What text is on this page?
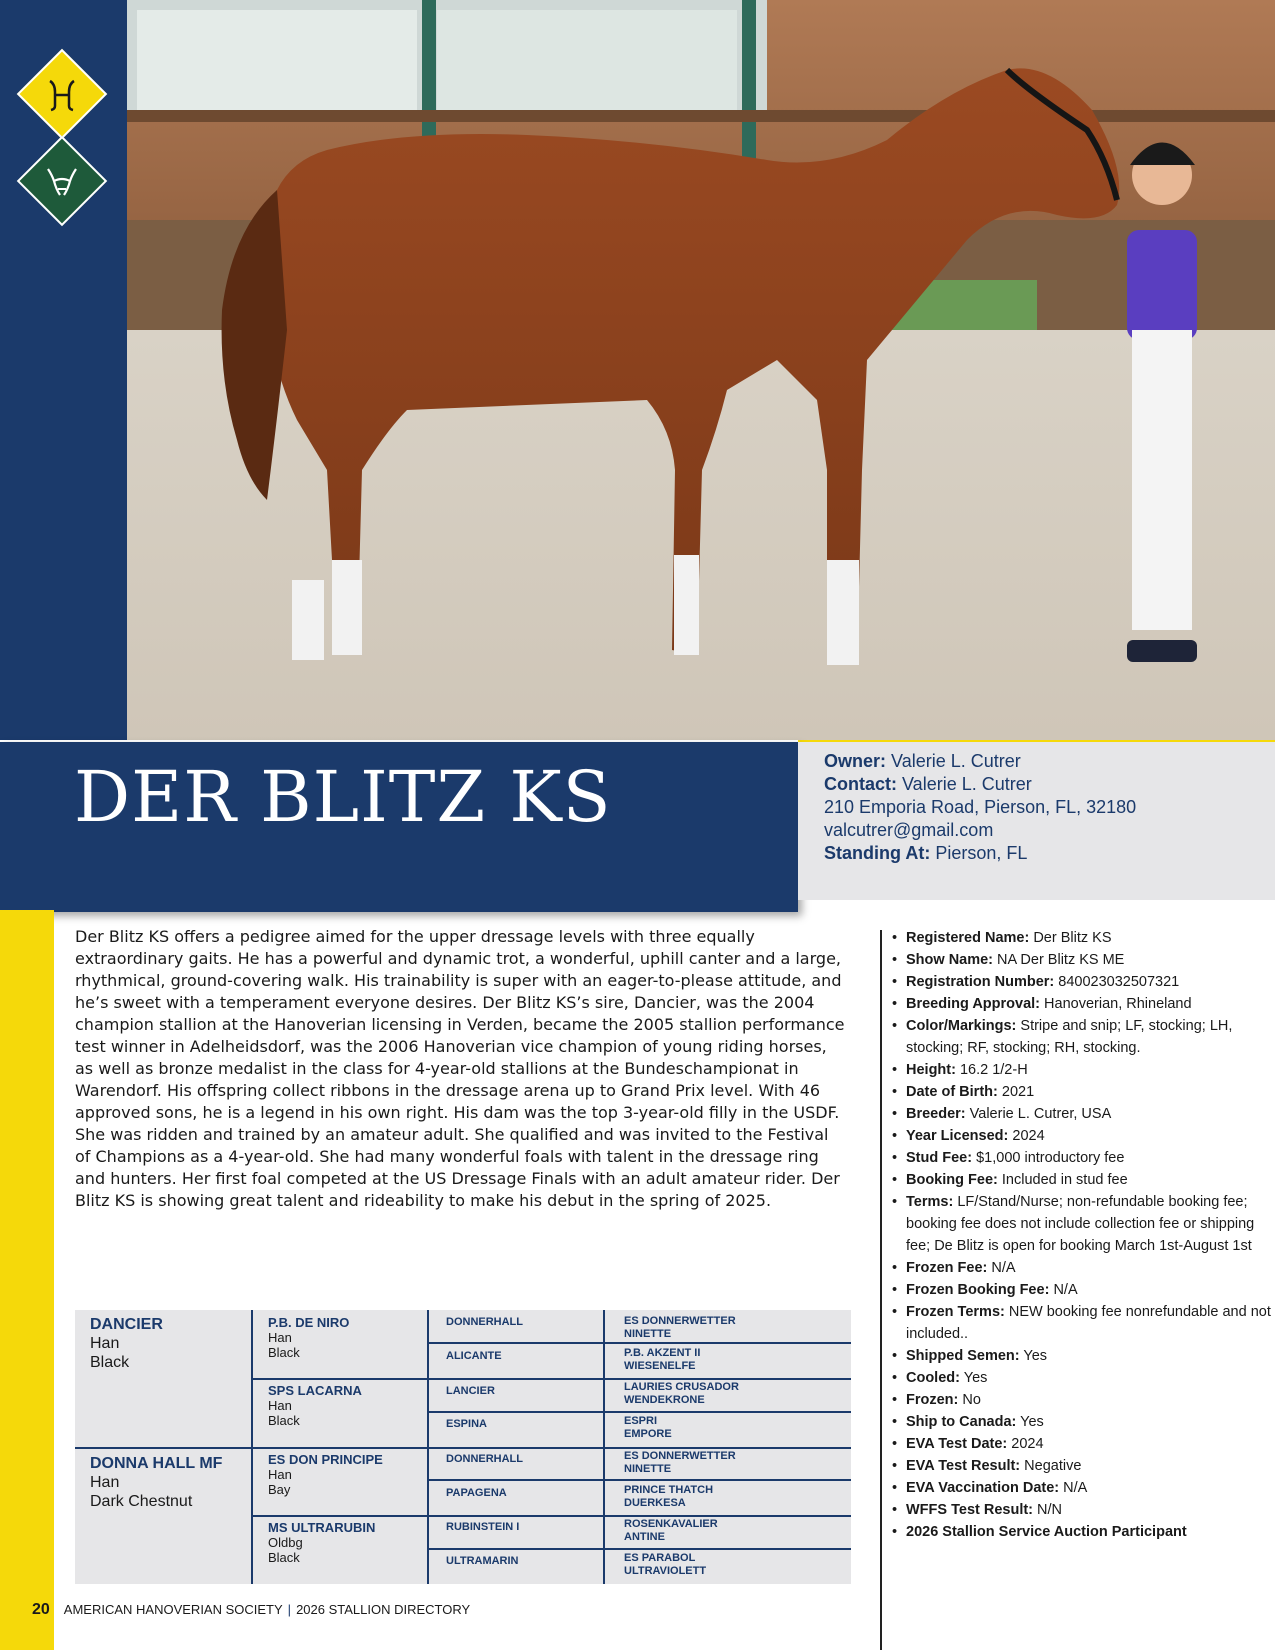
DER BLITZ KS	Owner: Valerie L. Cutrer
Contact: Valerie L. Cutrer
210 Emporia Road, Pierson, FL, 32180
valcutrer@gmail.com
Standing At: Pierson, FL

Der Blitz KS offers a pedigree aimed for the upper dressage levels with three equally extraordinary gaits. He has a powerful and dynamic trot, a wonderful, uphill canter and a large, rhythmical, ground-covering walk. His trainability is super with an eager-to-please attitude, and he’s sweet with a temperament everyone desires. Der Blitz KS’s sire, Dancier, was the 2004 champion stallion at the Hanoverian licensing in Verden, became the 2005 stallion performance test winner in Adelheidsdorf, was the 2006 Hanoverian vice champion of young riding horses, as well as bronze medalist in the class for 4-year-old stallions at the Bundeschampionat in Warendorf. His offspring collect ribbons in the dressage arena up to Grand Prix level. With 46 approved sons, he is a legend in his own right. His dam was the top 3-year-old filly in the USDF. She was ridden and trained by an amateur adult. She qualified and was invited to the Festival of Champions as a 4-year-old. She had many wonderful foals with talent in the dressage ring and hunters. Her first foal competed at the US Dressage Finals with an adult amateur rider. Der Blitz KS is showing great talent and rideability to make his debut in the spring of 2025.

• Registered Name: Der Blitz KS
• Show Name: NA Der Blitz KS ME
• Registration Number: 840023032507321
• Breeding Approval: Hanoverian, Rhineland
• Color/Markings: Stripe and snip; LF, stocking; LH, stocking; RF, stocking; RH, stocking.
• Height: 16.2 1/2-H
• Date of Birth: 2021
• Breeder: Valerie L. Cutrer, USA
• Year Licensed: 2024
• Stud Fee: $1,000 introductory fee
• Booking Fee: Included in stud fee
• Terms: LF/Stand/Nurse; non-refundable booking fee; booking fee does not include collection fee or shipping fee; De Blitz is open for booking March 1st-August 1st
• Frozen Fee: N/A
• Frozen Booking Fee: N/A
• Frozen Terms: NEW booking fee nonrefundable and not included..
• Shipped Semen: Yes
• Cooled: Yes
• Frozen: No
• Ship to Canada: Yes
• EVA Test Date: 2024
• EVA Test Result: Negative
• EVA Vaccination Date: N/A
• WFFS Test Result: N/N
• 2026 Stallion Service Auction Participant
DANCIER
Han
Black
DONNA HALL MF
Han
Dark Chestnut
P.B. DE NIRO
Han
Black
SPS LACARNA
Han
Black
ES DON PRINCIPE
Han
Bay
MS ULTRARUBIN
Oldbg
Black
DONNERHALL
ALICANTE
LANCIER
ESPINA
DONNERHALL
PAPAGENA
RUBINSTEIN I
ULTRAMARIN
ES DONNERWETTER
NINETTE
P.B. AKZENT II
WIESENELFE
LAURIES CRUSADOR
WENDEKRONE
ESPRI
EMPORE
ES DONNERWETTER
NINETTE
PRINCE THATCH
DUERKESA
ROSENKAVALIER
ANTINE
ES PARABOL
ULTRAVIOLETT
20 AMERICAN HANOVERIAN SOCIETY | 2026 STALLION DIRECTORY
